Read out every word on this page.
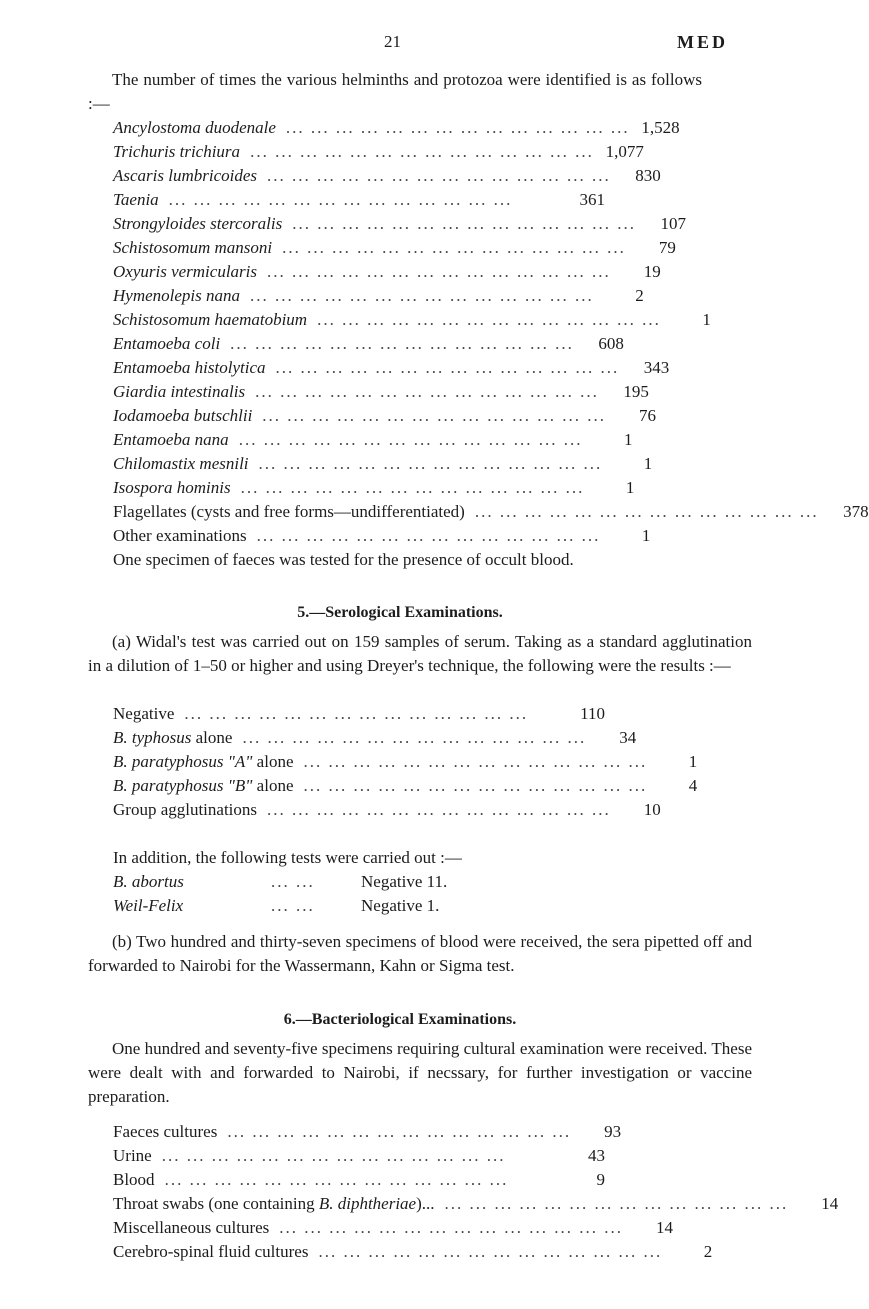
21	MED
The number of times the various helminths and protozoa were identified is as follows :—
Ancylostoma duodenale ... ... ... ... ... ... ... ... ... ... ... ... ... ... 1,528
Trichuris trichiura ... ... ... ... ... ... ... ... ... ... ... ... ... ... 1,077
Ascaris lumbricoides ... ... ... ... ... ... ... ... ... ... ... ... ... ...	830
Taenia ... ... ... ... ... ... ... ... ... ... ... ... ... ...	361
Strongyloides stercoralis ... ... ... ... ... ... ... ... ... ... ... ... ... ...	107
Schistosomum mansoni ... ... ... ... ... ... ... ... ... ... ... ... ... ...	79
Oxyuris vermicularis ... ... ... ... ... ... ... ... ... ... ... ... ... ...	19
Hymenolepis nana ... ... ... ... ... ... ... ... ... ... ... ... ... ...	2
Schistosomum haematobium ... ... ... ... ... ... ... ... ... ... ... ... ... ...	1
Entamoeba coli ... ... ... ... ... ... ... ... ... ... ... ... ... ...	608
Entamoeba histolytica ... ... ... ... ... ... ... ... ... ... ... ... ... ...	343
Giardia intestinalis ... ... ... ... ... ... ... ... ... ... ... ... ... ...	195
Iodamoeba butschlii ... ... ... ... ... ... ... ... ... ... ... ... ... ...	76
Entamoeba nana ... ... ... ... ... ... ... ... ... ... ... ... ... ...	1
Chilomastix mesnili ... ... ... ... ... ... ... ... ... ... ... ... ... ...	1
Isospora hominis ... ... ... ... ... ... ... ... ... ... ... ... ... ...	1
Flagellates (cysts and free forms—undifferentiated) ... ... ... ... ... ... ... ... ... ... ... ... ... ...	378
Other examinations ... ... ... ... ... ... ... ... ... ... ... ... ... ...	1
One specimen of faeces was tested for the presence of occult blood.
5.—Serological Examinations.
(a) Widal's test was carried out on 159 samples of serum. Taking as a standard agglutination in a dilution of 1–50 or higher and using Dreyer's technique, the following were the results :—
Negative ... ... ... ... ... ... ... ... ... ... ... ... ... ...	110
B. typhosus alone ... ... ... ... ... ... ... ... ... ... ... ... ... ...	34
B. paratyphosus "A" alone ... ... ... ... ... ... ... ... ... ... ... ... ... ...	1
B. paratyphosus "B" alone ... ... ... ... ... ... ... ... ... ... ... ... ... ...	4
Group agglutinations ... ... ... ... ... ... ... ... ... ... ... ... ... ...	10
In addition, the following tests were carried out :—
B. abortus	... ...	Negative 11.
Weil-Felix	... ...	Negative 1.
(b) Two hundred and thirty-seven specimens of blood were received, the sera pipetted off and forwarded to Nairobi for the Wassermann, Kahn or Sigma test.
6.—Bacteriological Examinations.
One hundred and seventy-five specimens requiring cultural examination were received. These were dealt with and forwarded to Nairobi, if necssary, for further investigation or vaccine preparation.
Faeces cultures ... ... ... ... ... ... ... ... ... ... ... ... ... ...	93
Urine ... ... ... ... ... ... ... ... ... ... ... ... ... ...	43
Blood ... ... ... ... ... ... ... ... ... ... ... ... ... ...	9
Throat swabs (one containing B. diphtheriae)... ... ... ... ... ... ... ... ... ... ... ... ... ... ...	14
Miscellaneous cultures ... ... ... ... ... ... ... ... ... ... ... ... ... ...	14
Cerebro-spinal fluid cultures ... ... ... ... ... ... ... ... ... ... ... ... ... ...	2
